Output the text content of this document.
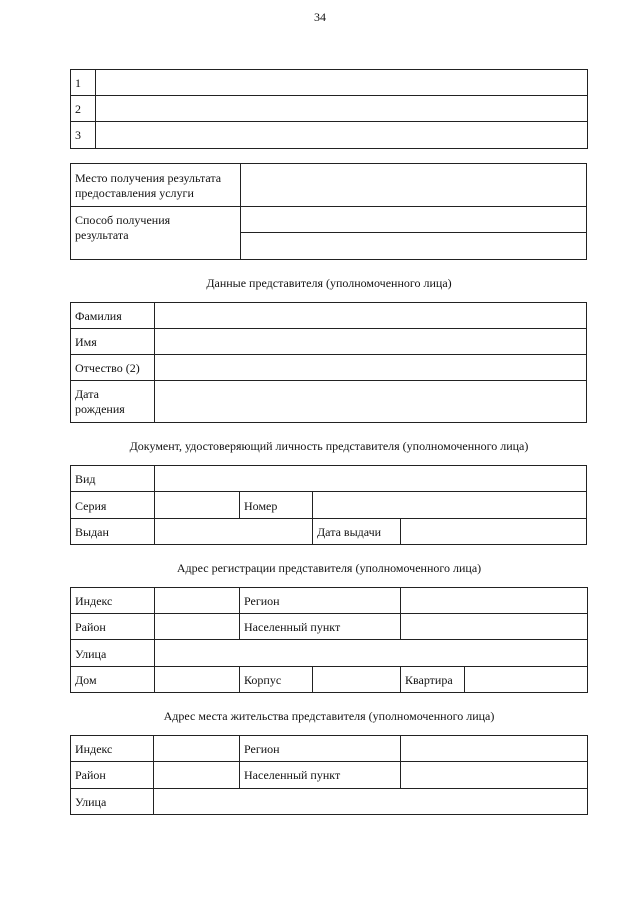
34
1
2
3
Место получения результата
предоставления услуги
Способ получения
результата
Данные представителя (уполномоченного лица)
Фамилия
Имя
Отчество (2)
Дата
рождения
Документ, удостоверяющий личность представителя (уполномоченного лица)
Вид
Серия	Номер
Выдан	Дата выдачи
Адрес регистрации представителя (уполномоченного лица)
Индекс	Регион
Район	Населенный пункт
Улица
Дом	Корпус	Квартира
Адрес места жительства представителя (уполномоченного лица)
Индекс	Регион
Район	Населенный пункт
Улица
